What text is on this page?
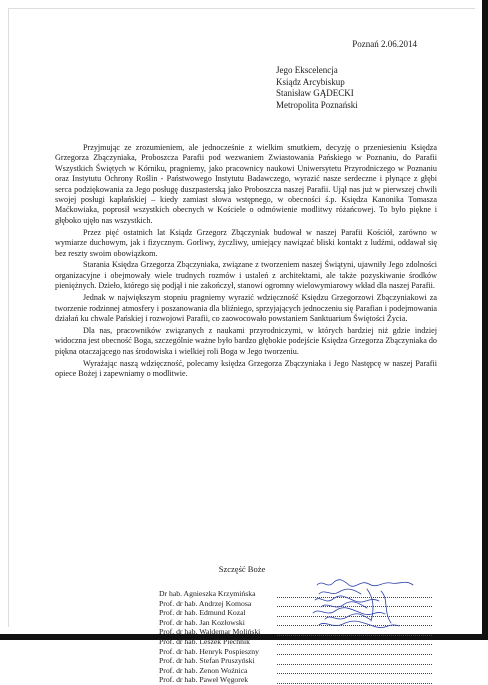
Poznań 2.06.2014
Jego Ekscelencja
Ksiądz Arcybiskup
Stanisław GĄDECKI
Metropolita Poznański

Przyjmując ze zrozumieniem, ale jednocześnie z wielkim smutkiem, decyzję o przeniesieniu Księdza Grzegorza Zbączyniaka, Proboszcza Parafii pod wezwaniem Zwiastowania Pańskiego w Poznaniu, do Parafii Wszystkich Świętych w Kórniku, pragniemy, jako pracownicy naukowi Uniwersytetu Przyrodniczego w Poznaniu oraz Instytutu Ochrony Roślin - Państwowego Instytutu Badawczego, wyrazić nasze serdeczne i płynące z głębi serca podziękowania za Jego posługę duszpasterską jako Proboszcza naszej Parafii. Ujął nas już w pierwszej chwili swojej posługi kapłańskiej – kiedy zamiast słowa wstępnego, w obecności ś.p. Księdza Kanonika Tomasza Maćkowiaka, poprosił wszystkich obecnych w Kościele o odmówienie modlitwy różańcowej. To było piękne i głęboko ujęło nas wszystkich.

Przez pięć ostatnich lat Ksiądz Grzegorz Zbączyniak budował w naszej Parafii Kościół, zarówno w wymiarze duchowym, jak i fizycznym. Gorliwy, życzliwy, umiejący nawiązać bliski kontakt z ludźmi, oddawał się bez reszty swoim obowiązkom.

Starania Księdza Grzegorza Zbączyniaka, związane z tworzeniem naszej Świątyni, ujawniły Jego zdolności organizacyjne i obejmowały wiele trudnych rozmów i ustaleń z architektami, ale także pozyskiwanie środków pieniężnych. Dzieło, którego się podjął i nie zakończył, stanowi ogromny wielowymiarowy wkład dla naszej Parafii.

Jednak w największym stopniu pragniemy wyrazić wdzięczność Księdzu Grzegorzowi Zbączyniakowi za tworzenie rodzinnej atmosfery i poszanowania dla bliźniego, sprzyjających jednoczeniu się Parafian i podejmowania działań ku chwale Pańskiej i rozwojowi Parafii, co zaowocowało powstaniem Sanktuarium Świętości Życia.

Dla nas, pracowników związanych z naukami przyrodniczymi, w których bardziej niż gdzie indziej widoczna jest obecność Boga, szczególnie ważne było bardzo głębokie podejście Księdza Grzegorza Zbączyniaka do piękna otaczającego nas środowiska i wielkiej roli Boga w Jego tworzeniu.

Wyrażając naszą wdzięczność, polecamy księdza Grzegorza Zbączyniaka i Jego Następcę w naszej Parafii opiece Bożej i zapewniamy o modlitwie.

Szczęść Boże
Dr hab. Agnieszka Krzymińska
Prof. dr hab. Andrzej Komosa
Prof. dr hab. Edmund Kozal
Prof. dr hab. Jan Kozłowski
Prof. dr hab. Waldemar Moliński
Prof. dr hab. Leszek Piechnik
Prof. dr hab. Henryk Pospieszny
Prof. dr hab. Stefan Pruszyński
Prof. dr hab. Zenon Woźnica
Prof. dr hab. Paweł Węgorek
